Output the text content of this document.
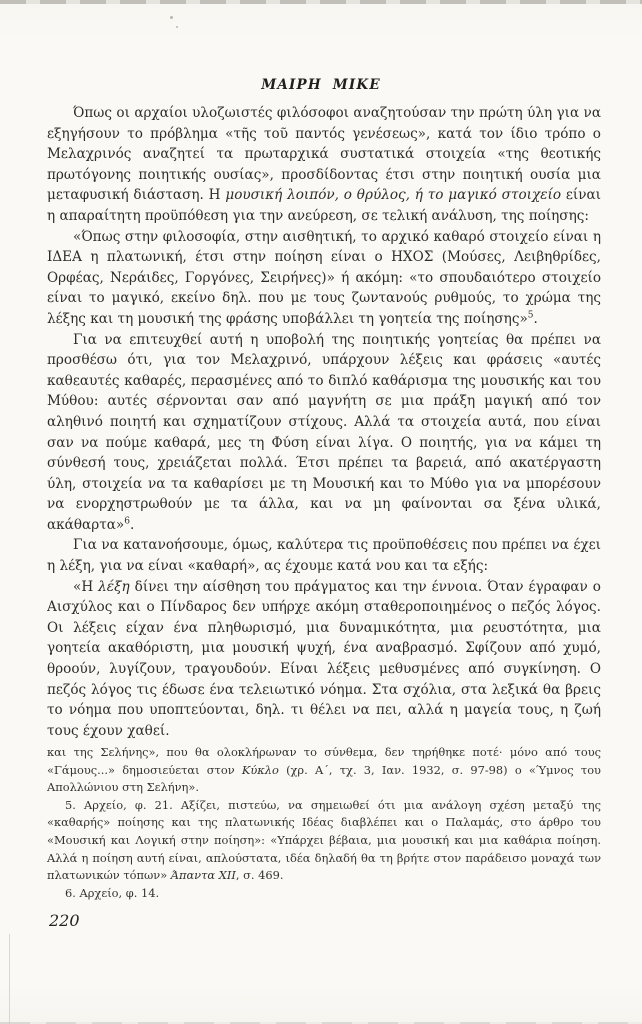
ΜΑΙΡΗ ΜΙΚΕ

Όπως οι αρχαίοι υλοζωιστές φιλόσοφοι αναζητούσαν την πρώτη ύλη για να εξηγήσουν το πρόβλημα «τῆς τοῦ παντός γενέσεως», κατά τον ίδιο τρόπο ο Μελαχρινός αναζητεί τα πρωταρχικά συστατικά στοιχεία «της θεοτικής πρωτόγονης ποιητικής ουσίας», προσδίδοντας έτσι στην ποιητική ουσία μια μεταφυσική διάσταση. Η μουσική λοιπόν, ο θρύλος, ή το μαγικό στοιχείο είναι η απαραίτητη προϋπόθεση για την ανεύρεση, σε τελική ανάλυση, της ποίησης:

«Όπως στην φιλοσοφία, στην αισθητική, το αρχικό καθαρό στοιχείο είναι η ΙΔΕΑ η πλατωνική, έτσι στην ποίηση είναι ο ΗΧΟΣ (Μούσες, Λειβηθρίδες, Ορφέας, Νεράιδες, Γοργόνες, Σειρήνες)» ή ακόμη: «το σπουδαιότερο στοιχείο είναι το μαγικό, εκείνο δηλ. που με τους ζωντανούς ρυθμούς, το χρώμα της λέξης και τη μουσική της φράσης υποβάλλει τη γοητεία της ποίησης»$^5$.

Για να επιτευχθεί αυτή η υποβολή της ποιητικής γοητείας θα πρέπει να προσθέσω ότι, για τον Μελαχρινό, υπάρχουν λέξεις και φράσεις «αυτές καθεαυτές καθαρές, περασμένες από το διπλό καθάρισμα της μουσικής και του Μύθου: αυτές σέρνονται σαν από μαγνήτη σε μια πράξη μαγική από τον αληθινό ποιητή και σχηματίζουν στίχους. Αλλά τα στοιχεία αυτά, που είναι σαν να πούμε καθαρά, μες τη Φύση είναι λίγα. Ο ποιητής, για να κάμει τη σύνθεσή τους, χρειάζεται πολλά. Έτσι πρέπει τα βαρειά, από ακατέργαστη ύλη, στοιχεία να τα καθαρίσει με τη Μουσική και το Μύθο για να μπορέσουν να ενορχηστρωθούν με τα άλλα, και να μη φαίνονται σα ξένα υλικά, ακάθαρτα»$^6$.

Για να κατανοήσουμε, όμως, καλύτερα τις προϋποθέσεις που πρέπει να έχει η λέξη, για να είναι «καθαρή», ας έχουμε κατά νου και τα εξής:

«Η λέξη δίνει την αίσθηση του πράγματος και την έννοια. Όταν έγραφαν ο Αισχύλος και ο Πίνδαρος δεν υπήρχε ακόμη σταθεροποιημένος ο πεζός λόγος. Οι λέξεις είχαν ένα πληθωρισμό, μια δυναμικότητα, μια ρευστότητα, μια γοητεία ακαθόριστη, μια μουσική ψυχή, ένα αναβρασμό. Σφίζουν από χυμό, θροούν, λυγίζουν, τραγουδούν. Είναι λέξεις μεθυσμένες από συγκίνηση. Ο πεζός λόγος τις έδωσε ένα τελειωτικό νόημα. Στα σχόλια, στα λεξικά θα βρεις το νόημα που υποπτεύονται, δηλ. τι θέλει να πει, αλλά η μαγεία τους, η ζωή τους έχουν χαθεί.

και της Σελήνης», που θα ολοκλήρωναν το σύνθεμα, δεν τηρήθηκε ποτέ· μόνο από τους «Γάμους...» δημοσιεύεται στον Κύκλο (χρ. Α´, τχ. 3, Ιαν. 1932, σ. 97-98) ο «Ύμνος του Απολλώνιου στη Σελήνη».

5. Αρχείο, φ. 21. Αξίζει, πιστεύω, να σημειωθεί ότι μια ανάλογη σχέση μεταξύ της «καθαρής» ποίησης και της πλατωνικής Ιδέας διαβλέπει και ο Παλαμάς, στο άρθρο του «Μουσική και Λογική στην ποίηση»: «Υπάρχει βέβαια, μια μουσική και μια καθάρια ποίηση. Αλλά η ποίηση αυτή είναι, απλούστατα, ιδέα δηλαδή θα τη βρήτε στον παράδεισο μοναχά των πλατωνικών τόπων» Άπαντα XII, σ. 469.

6. Αρχείο, φ. 14.

220
